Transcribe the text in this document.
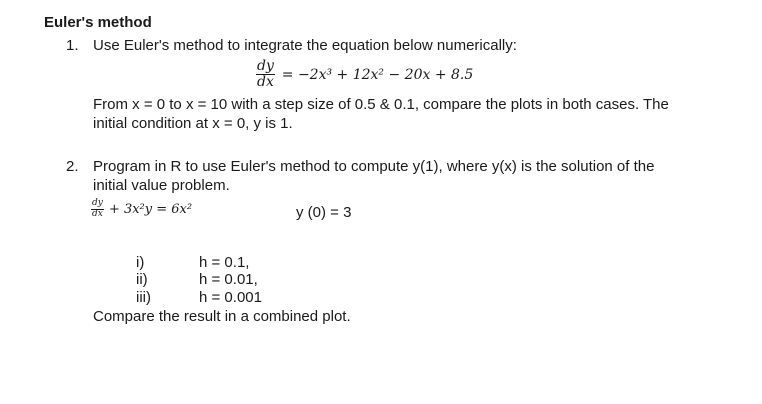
Euler's method
1. Use Euler's method to integrate the equation below numerically:
$\frac{dy}{dx} = -2x^3 + 12x^2 - 20x + 8.5$
From x = 0 to x = 10 with a step size of 0.5 & 0.1, compare the plots in both cases. The
initial condition at x = 0, y is 1.
2. Program in R to use Euler's method to compute y(1), where y(x) is the solution of the
initial value problem.
$\frac{dy}{dx} + 3x^2y = 6x^2$	y (0) = 3
i)	h = 0.1,
ii)	h = 0.01,
iii)	h = 0.001
Compare the result in a combined plot.
